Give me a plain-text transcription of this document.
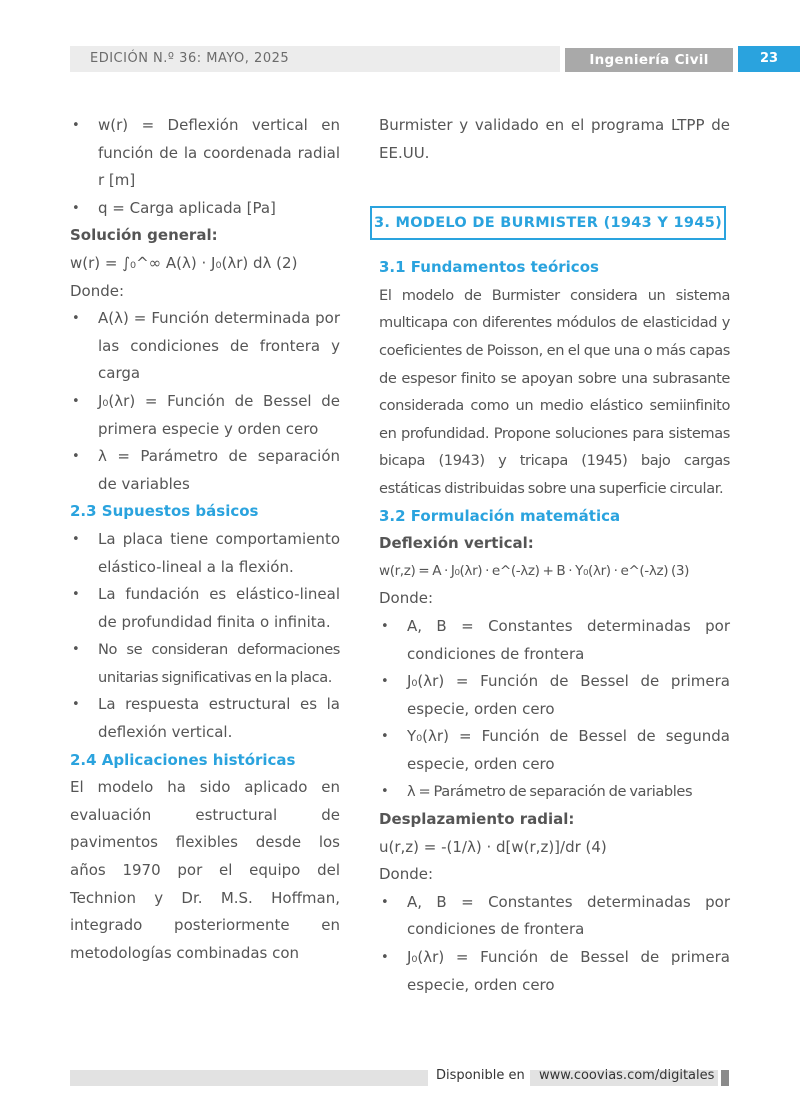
EDICIÓN N.º 36: MAYO, 2025	Ingeniería Civil	23
• w(r) = Deflexión vertical en función de la coordenada radial r [m]
• q = Carga aplicada [Pa]

Solución general:

w(r) = ∫₀^∞ A(λ) · J₀(λr) dλ (2)

Donde:

• A(λ) = Función determinada por las condiciones de frontera y carga
• J₀(λr) = Función de Bessel de primera especie y orden cero
• λ = Parámetro de separación de variables

2.3 Supuestos básicos

• La placa tiene comportamiento elástico-lineal a la flexión.
• La fundación es elástico-lineal de profundidad finita o infinita.
• No se consideran deformaciones unitarias significativas en la placa.
• La respuesta estructural es la deflexión vertical.

2.4 Aplicaciones históricas

El modelo ha sido aplicado en evaluación estructural de pavimentos flexibles desde los años 1970 por el equipo del Technion y Dr. M.S. Hoffman, integrado posteriormente en metodologías combinadas con

Burmister y validado en el programa LTPP de EE.UU.

3. MODELO DE BURMISTER (1943 Y 1945)

3.1 Fundamentos teóricos

El modelo de Burmister considera un sistema multicapa con diferentes módulos de elasticidad y coeficientes de Poisson, en el que una o más capas de espesor finito se apoyan sobre una subrasante considerada como un medio elástico semiinfinito en profundidad. Propone soluciones para sistemas bicapa (1943) y tricapa (1945) bajo cargas estáticas distribuidas sobre una superficie circular.

3.2 Formulación matemática

Deflexión vertical:

w(r,z) = A · J₀(λr) · e^(-λz) + B · Y₀(λr) · e^(-λz) (3)

Donde:

• A, B = Constantes determinadas por condiciones de frontera
• J₀(λr) = Función de Bessel de primera especie, orden cero
• Y₀(λr) = Función de Bessel de segunda especie, orden cero
• λ = Parámetro de separación de variables

Desplazamiento radial:

u(r,z) = -(1/λ) · d[w(r,z)]/dr (4)

Donde:

• A, B = Constantes determinadas por condiciones de frontera
• J₀(λr) = Función de Bessel de primera especie, orden cero
Disponible en www.coovias.com/digitales
